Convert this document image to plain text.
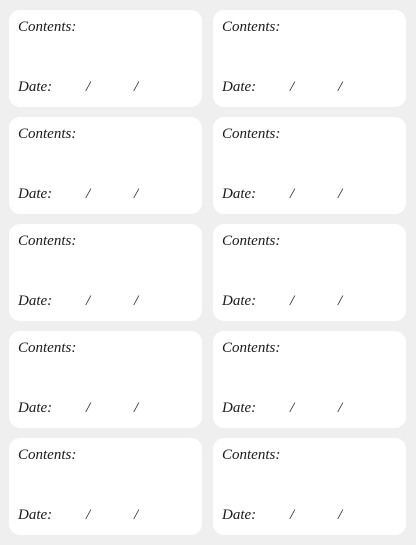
Contents:
Date: /	/
Contents:
Date: /	/
Contents:
Date: /	/
Contents:
Date: /	/
Contents:
Date: /	/
Contents:
Date: /	/
Contents:
Date: /	/
Contents:
Date: /	/
Contents:
Date: /	/
Contents:
Date: /	/
